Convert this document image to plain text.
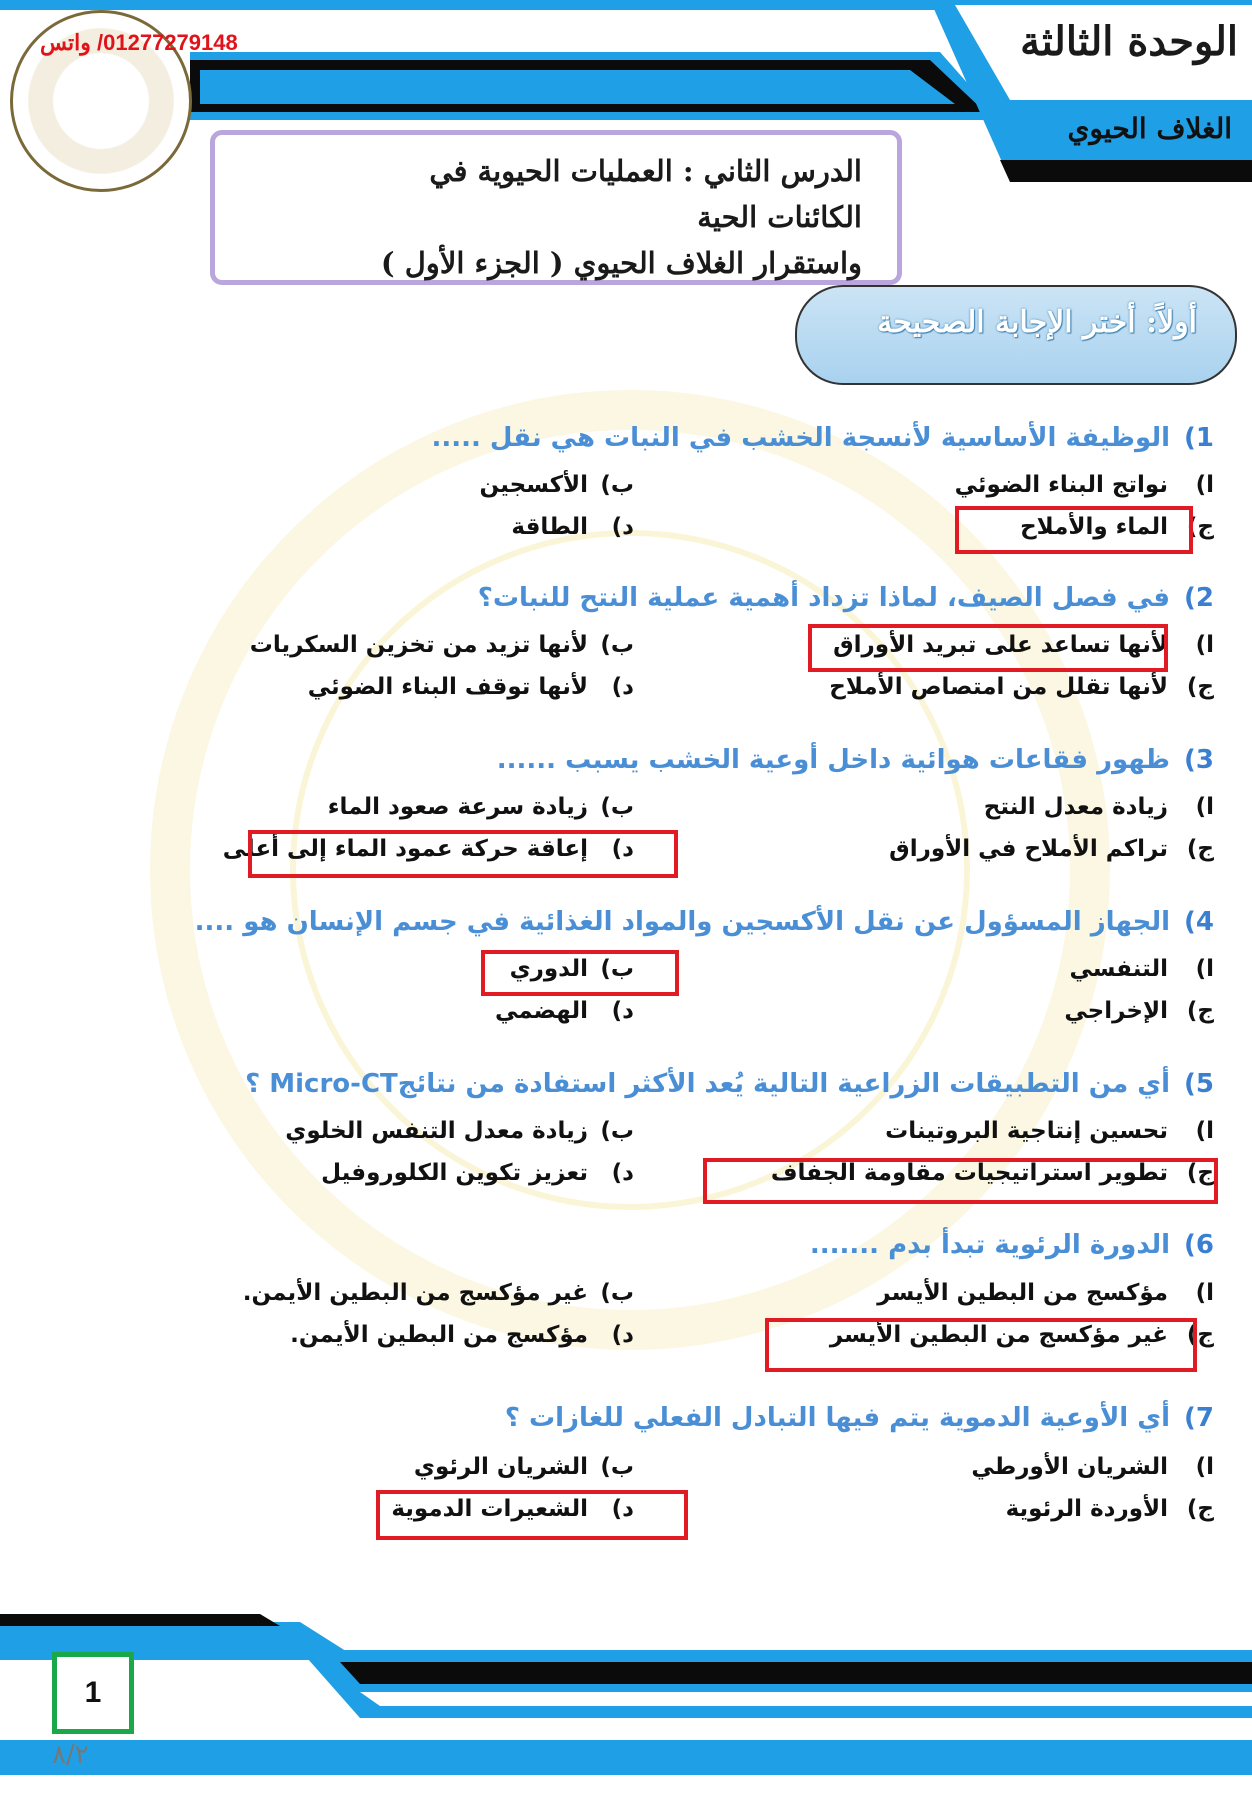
01277279148/ واتس	الوحدة الثالثة
الغلاف الحيوي
الدرس الثاني : العمليات الحيوية في الكائنات الحية
واستقرار الغلاف الحيوي ( الجزء الأول )
أولاً: أختر الإجابة الصحيحة
1)الوظيفة الأساسية لأنسجة الخشب في النبات هي نقل .....
ا)نواتج البناء الضوئي
ب)الأكسجين
ج)الماء والأملاح
د)الطاقة
2)في فصل الصيف، لماذا تزداد أهمية عملية النتح للنبات؟
ا)لأنها تساعد على تبريد الأوراق
ب)لأنها تزيد من تخزين السكريات
ج)لأنها تقلل من امتصاص الأملاح
د)لأنها توقف البناء الضوئي
3)ظهور فقاعات هوائية داخل أوعية الخشب يسبب ......
ا)زيادة معدل النتح
ب)زيادة سرعة صعود الماء
ج)تراكم الأملاح في الأوراق
د)إعاقة حركة عمود الماء إلى أعلى
4)الجهاز المسؤول عن نقل الأكسجين والمواد الغذائية في جسم الإنسان هو ....
ا)التنفسي
ب)الدوري
ج)الإخراجي
د)الهضمي
5)أي من التطبيقات الزراعية التالية يُعد الأكثر استفادة من نتائجMicro-CT ؟
ا)تحسين إنتاجية البروتينات
ب)زيادة معدل التنفس الخلوي
ج)تطوير استراتيجيات مقاومة الجفاف
د)تعزيز تكوين الكلوروفيل
6)الدورة الرئوية تبدأ بدم .......
ا)مؤكسج من البطين الأيسر
ب)غير مؤكسج من البطين الأيمن.
ج)غير مؤكسج من البطين الأيسر
د)مؤكسج من البطين الأيمن.
7)أي الأوعية الدموية يتم فيها التبادل الفعلي للغازات ؟
ا)الشريان الأورطي
ب)الشريان الرئوي
ج)الأوردة الرئوية
د)الشعيرات الدموية
1
٨/٢
